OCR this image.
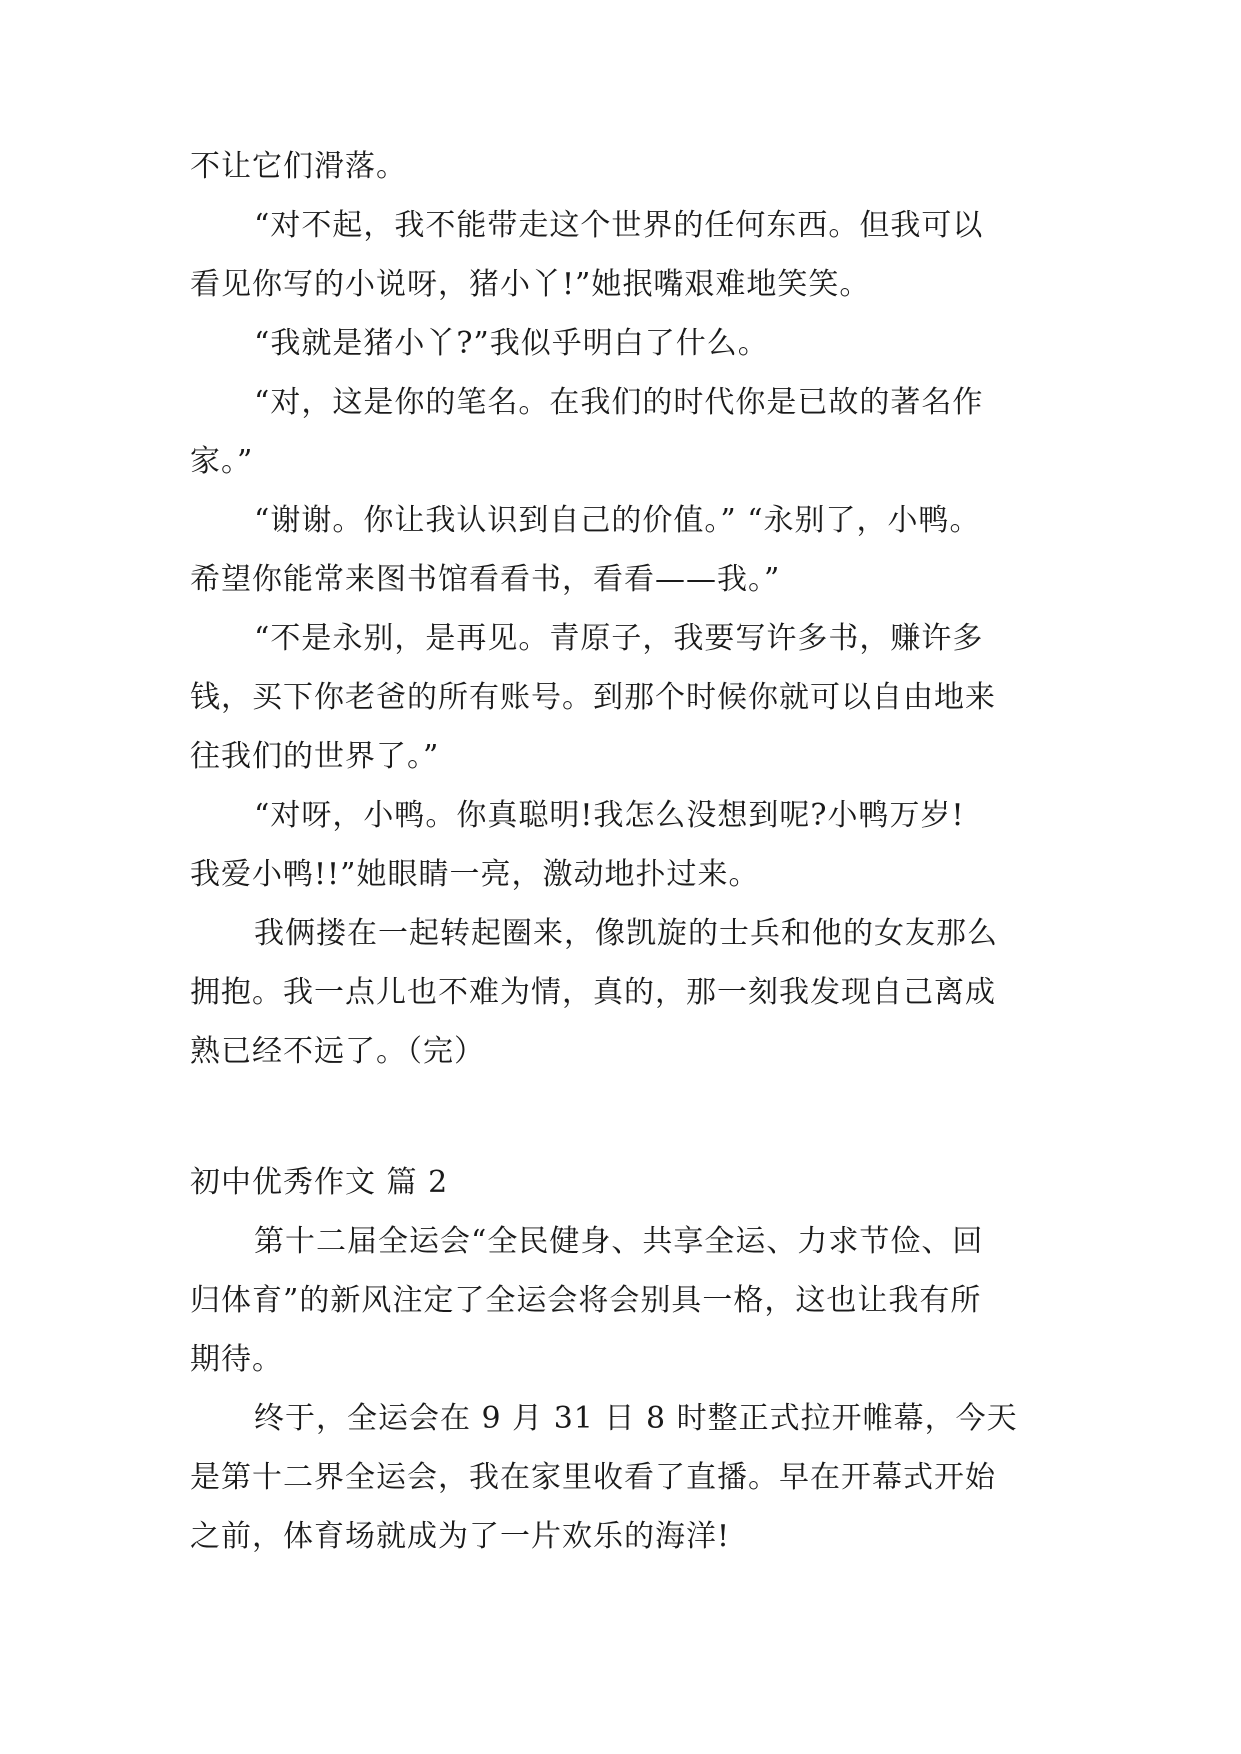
不让它们滑落。
“对不起，我不能带走这个世界的任何东西。但我可以
看见你写的小说呀，猪小丫!”她抿嘴艰难地笑笑。
“我就是猪小丫?”我似乎明白了什么。
“对，这是你的笔名。在我们的时代你是已故的著名作
家。”
“谢谢。你让我认识到自己的价值。” “永别了，小鸭。
希望你能常来图书馆看看书，看看——我。”
“不是永别，是再见。青原子，我要写许多书，赚许多
钱，买下你老爸的所有账号。到那个时候你就可以自由地来
往我们的世界了。”
“对呀，小鸭。你真聪明!我怎么没想到呢?小鸭万岁!
我爱小鸭!!”她眼睛一亮，激动地扑过来。
我俩搂在一起转起圈来，像凯旋的士兵和他的女友那么
拥抱。我一点儿也不难为情，真的，那一刻我发现自己离成
熟已经不远了。（完）
初中优秀作文 篇 2
第十二届全运会“全民健身、共享全运、力求节俭、回
归体育”的新风注定了全运会将会别具一格，这也让我有所
期待。
终于，全运会在 9 月 31 日 8 时整正式拉开帷幕，今天
是第十二界全运会，我在家里收看了直播。早在开幕式开始
之前，体育场就成为了一片欢乐的海洋!
